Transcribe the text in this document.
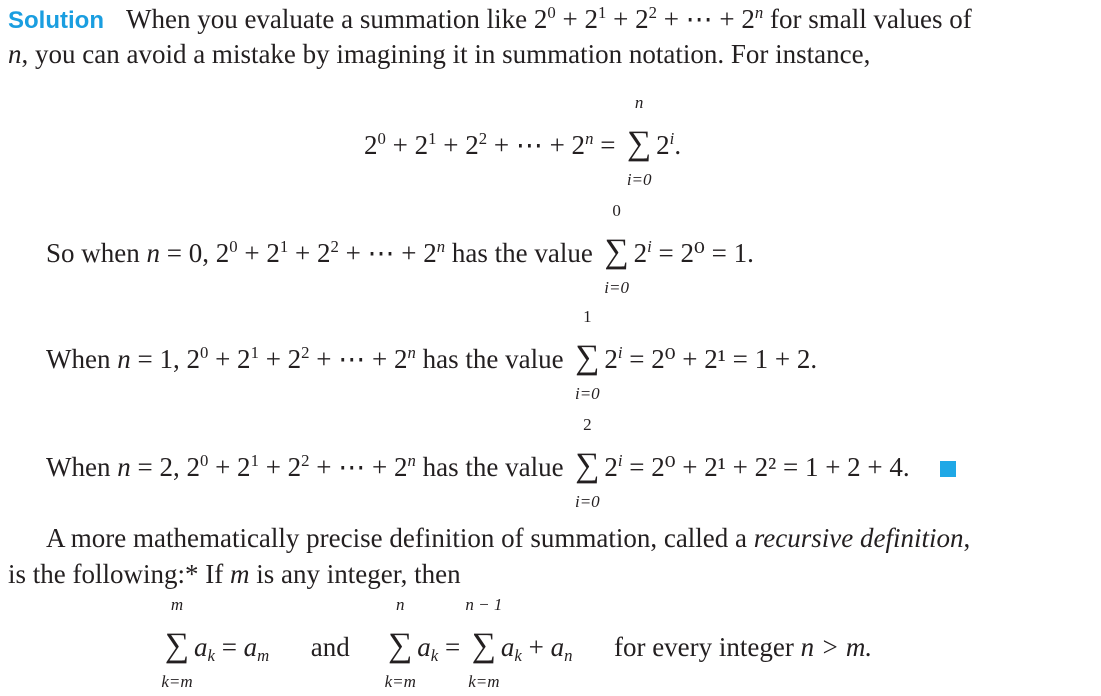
Solution When you evaluate a summation like $2^0 + 2^1 + 2^2$ + ⋯ + $2^n$ for small values of
n, you can avoid a mistake by imagining it in summation notation. For instance,
$2^0 + 2^1 + 2^2$ + ⋯ + $2^n$ =
n
∑
i=0
2$^i$.
So when n = 0, $2^0 + 2^1 + 2^2$ + ⋯ + $2^n$ has the value
0
∑
i=0
$2^i = 2^0 = 1$.
When n = 1, $2^0 + 2^1 + 2^2$ + ⋯ + $2^n$ has the value
1
∑
i=0
$2^i = 2^0 + 2^1 = 1 + 2$.
When n = 2, $2^0 + 2^1 + 2^2$ + ⋯ + $2^n$ has the value
2
∑
i=0
$2^i = 2^0 + 2^1 + 2^2 = 1 + 2 + 4$.
A more mathematically precise definition of summation, called a recursive definition,
is the following:* If m is any integer, then
m
∑
k=m
$a_k = a_m$ and
n
∑
k=m
$a_k$ =
n − 1
∑
k=m
$a_k + a_n$ for every integer n > m.
